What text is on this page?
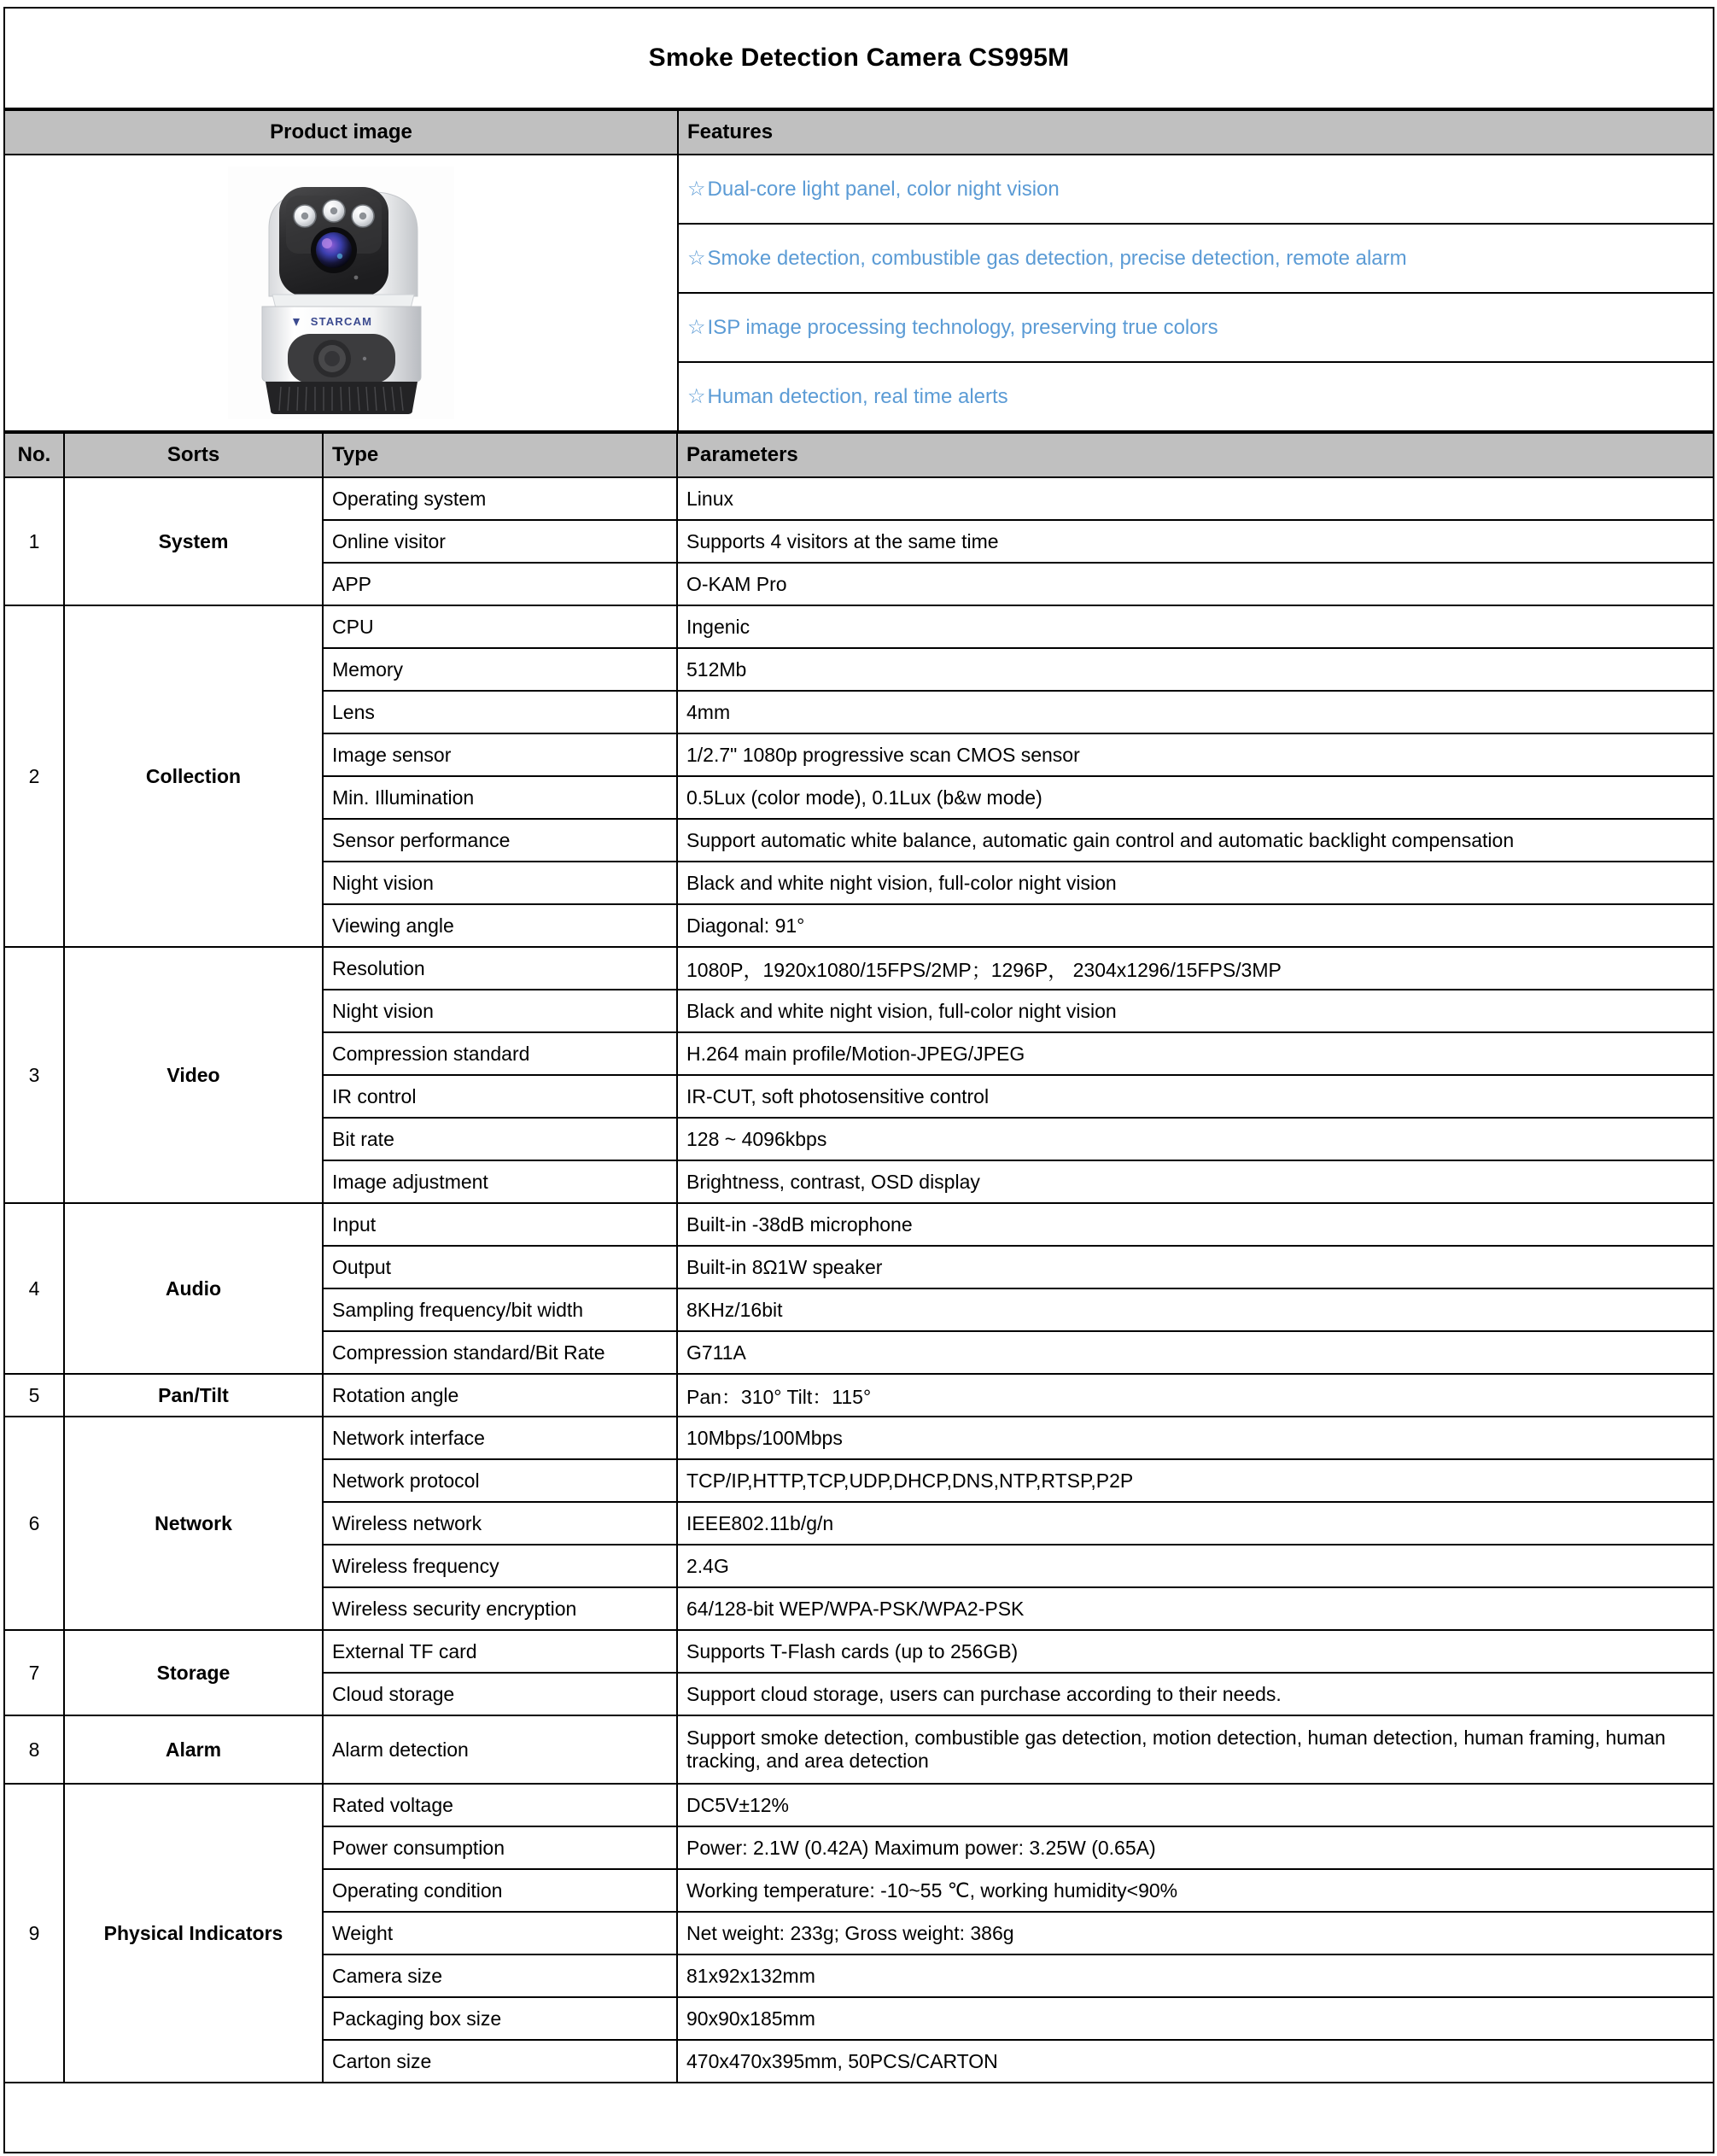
Smoke Detection Camera CS995M
Product image	Features

STARCAM	☆Dual-core light panel, color night vision
	☆Smoke detection, combustible gas detection, precise detection, remote alarm
	☆ISP image processing technology, preserving true colors
	☆Human detection, real time alerts
No.	Sorts	Type	Parameters
1	System	Operating system	Linux
		Online visitor	Supports 4 visitors at the same time
		APP	O-KAM Pro
2	Collection	CPU	Ingenic
		Memory	512Mb
		Lens	4mm
		Image sensor	1/2.7" 1080p progressive scan CMOS sensor
		Min. Illumination	0.5Lux (color mode), 0.1Lux (b&w mode)
		Sensor performance	Support automatic white balance, automatic gain control and automatic backlight compensation
		Night vision	Black and white night vision, full-color night vision
		Viewing angle	Diagonal: 91°
3	Video	Resolution	1080P，1920x1080/15FPS/2MP；1296P， 2304x1296/15FPS/3MP
		Night vision	Black and white night vision, full-color night vision
		Compression standard	H.264 main profile/Motion-JPEG/JPEG
		IR control	IR-CUT, soft photosensitive control
		Bit rate	128 ~ 4096kbps
		Image adjustment	Brightness, contrast, OSD display
4	Audio	Input	Built-in -38dB microphone
		Output	Built-in 8Ω1W speaker
		Sampling frequency/bit width	8KHz/16bit
		Compression standard/Bit Rate	G711A
5	Pan/Tilt	Rotation angle	Pan：310° Tilt：115°
6	Network	Network interface	10Mbps/100Mbps
		Network protocol	TCP/IP,HTTP,TCP,UDP,DHCP,DNS,NTP,RTSP,P2P
		Wireless network	IEEE802.11b/g/n
		Wireless frequency	2.4G
		Wireless security encryption	64/128-bit WEP/WPA-PSK/WPA2-PSK
7	Storage	External TF card	Supports T-Flash cards (up to 256GB)
		Cloud storage	Support cloud storage, users can purchase according to their needs.
8	Alarm	Alarm detection	Support smoke detection, combustible gas detection, motion detection, human detection, human framing, human tracking, and area detection
9	Physical Indicators	Rated voltage	DC5V±12%
		Power consumption	Power: 2.1W (0.42A) Maximum power: 3.25W (0.65A)
		Operating condition	Working temperature: -10~55 ℃, working humidity<90%
		Weight	Net weight: 233g; Gross weight: 386g
		Camera size	81x92x132mm
		Packaging box size	90x90x185mm
		Carton size	470x470x395mm, 50PCS/CARTON
